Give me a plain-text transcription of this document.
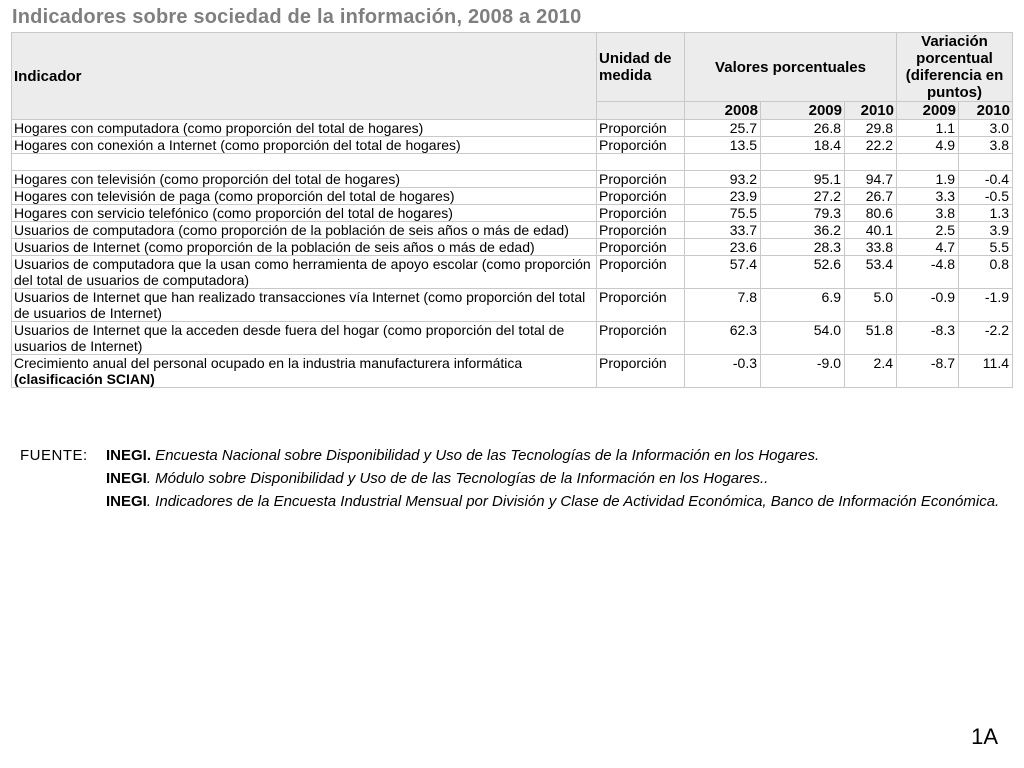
Indicadores sobre sociedad de la información, 2008 a 2010
Indicador	Unidad de medida	Valores porcentuales			Variación porcentual (diferencia en puntos)	
		2008	2009	2010	2009	2010
Hogares con computadora (como proporción del total de hogares)	Proporción	25.7	26.8	29.8	1.1	3.0
Hogares con conexión a Internet (como proporción del total de hogares)	Proporción	13.5	18.4	22.2	4.9	3.8

Hogares con televisión (como proporción del total de hogares)	Proporción	93.2	95.1	94.7	1.9	-0.4
Hogares con televisión de paga (como proporción del total de hogares)	Proporción	23.9	27.2	26.7	3.3	-0.5
Hogares con servicio telefónico (como proporción del total de hogares)	Proporción	75.5	79.3	80.6	3.8	1.3
Usuarios de computadora (como proporción de la población de seis años o más de edad)	Proporción	33.7	36.2	40.1	2.5	3.9
Usuarios de Internet (como proporción de la población de seis años o más de edad)	Proporción	23.6	28.3	33.8	4.7	5.5
Usuarios de computadora que la usan como herramienta de apoyo escolar (como proporción del total de usuarios de computadora)	Proporción	57.4	52.6	53.4	-4.8	0.8
Usuarios de Internet que han realizado transacciones vía Internet (como proporción del total de usuarios de Internet)	Proporción	7.8	6.9	5.0	-0.9	-1.9
Usuarios de Internet que la acceden desde fuera del hogar (como proporción del total de usuarios de Internet)	Proporción	62.3	54.0	51.8	-8.3	-2.2
Crecimiento anual del personal ocupado en la industria manufacturera informática
(clasificación SCIAN)	Proporción	-0.3	-9.0	2.4	-8.7	11.4
FUENTE:	INEGI. Encuesta Nacional sobre Disponibilidad y Uso de las Tecnologías de la Información en los Hogares.
INEGI. Módulo sobre Disponibilidad y Uso de de las Tecnologías de la Información en los Hogares..
INEGI. Indicadores de la Encuesta Industrial Mensual por División y Clase de Actividad Económica, Banco de Información Económica.
1A
